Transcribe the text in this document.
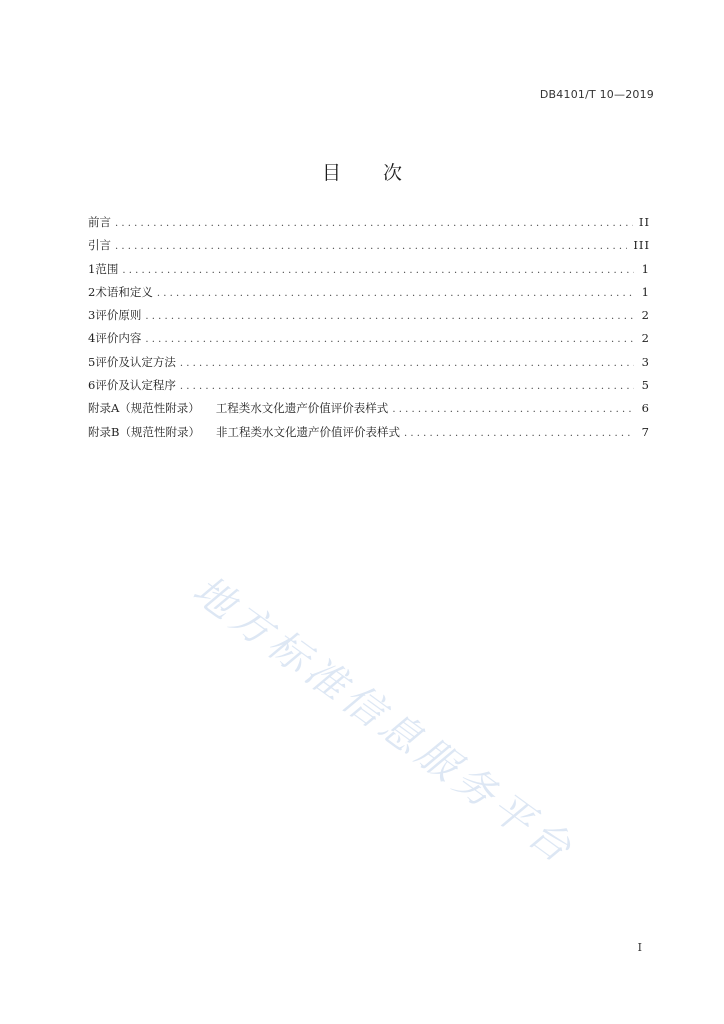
DB4101/T 10—2019
目 次
前言 .....	II
引言 .....	III
1 范围 .....	1
2 术语和定义 .....	1
3 评价原则 .....	2
4 评价内容 .....	2
5 评价及认定方法 .....	3
6 评价及认定程序 .....	5
附录A（规范性附录） 工程类水文化遗产价值评价表样式 .....	6
附录B（规范性附录） 非工程类水文化遗产价值评价表样式 .....	7
地方标准信息服务平台
I
